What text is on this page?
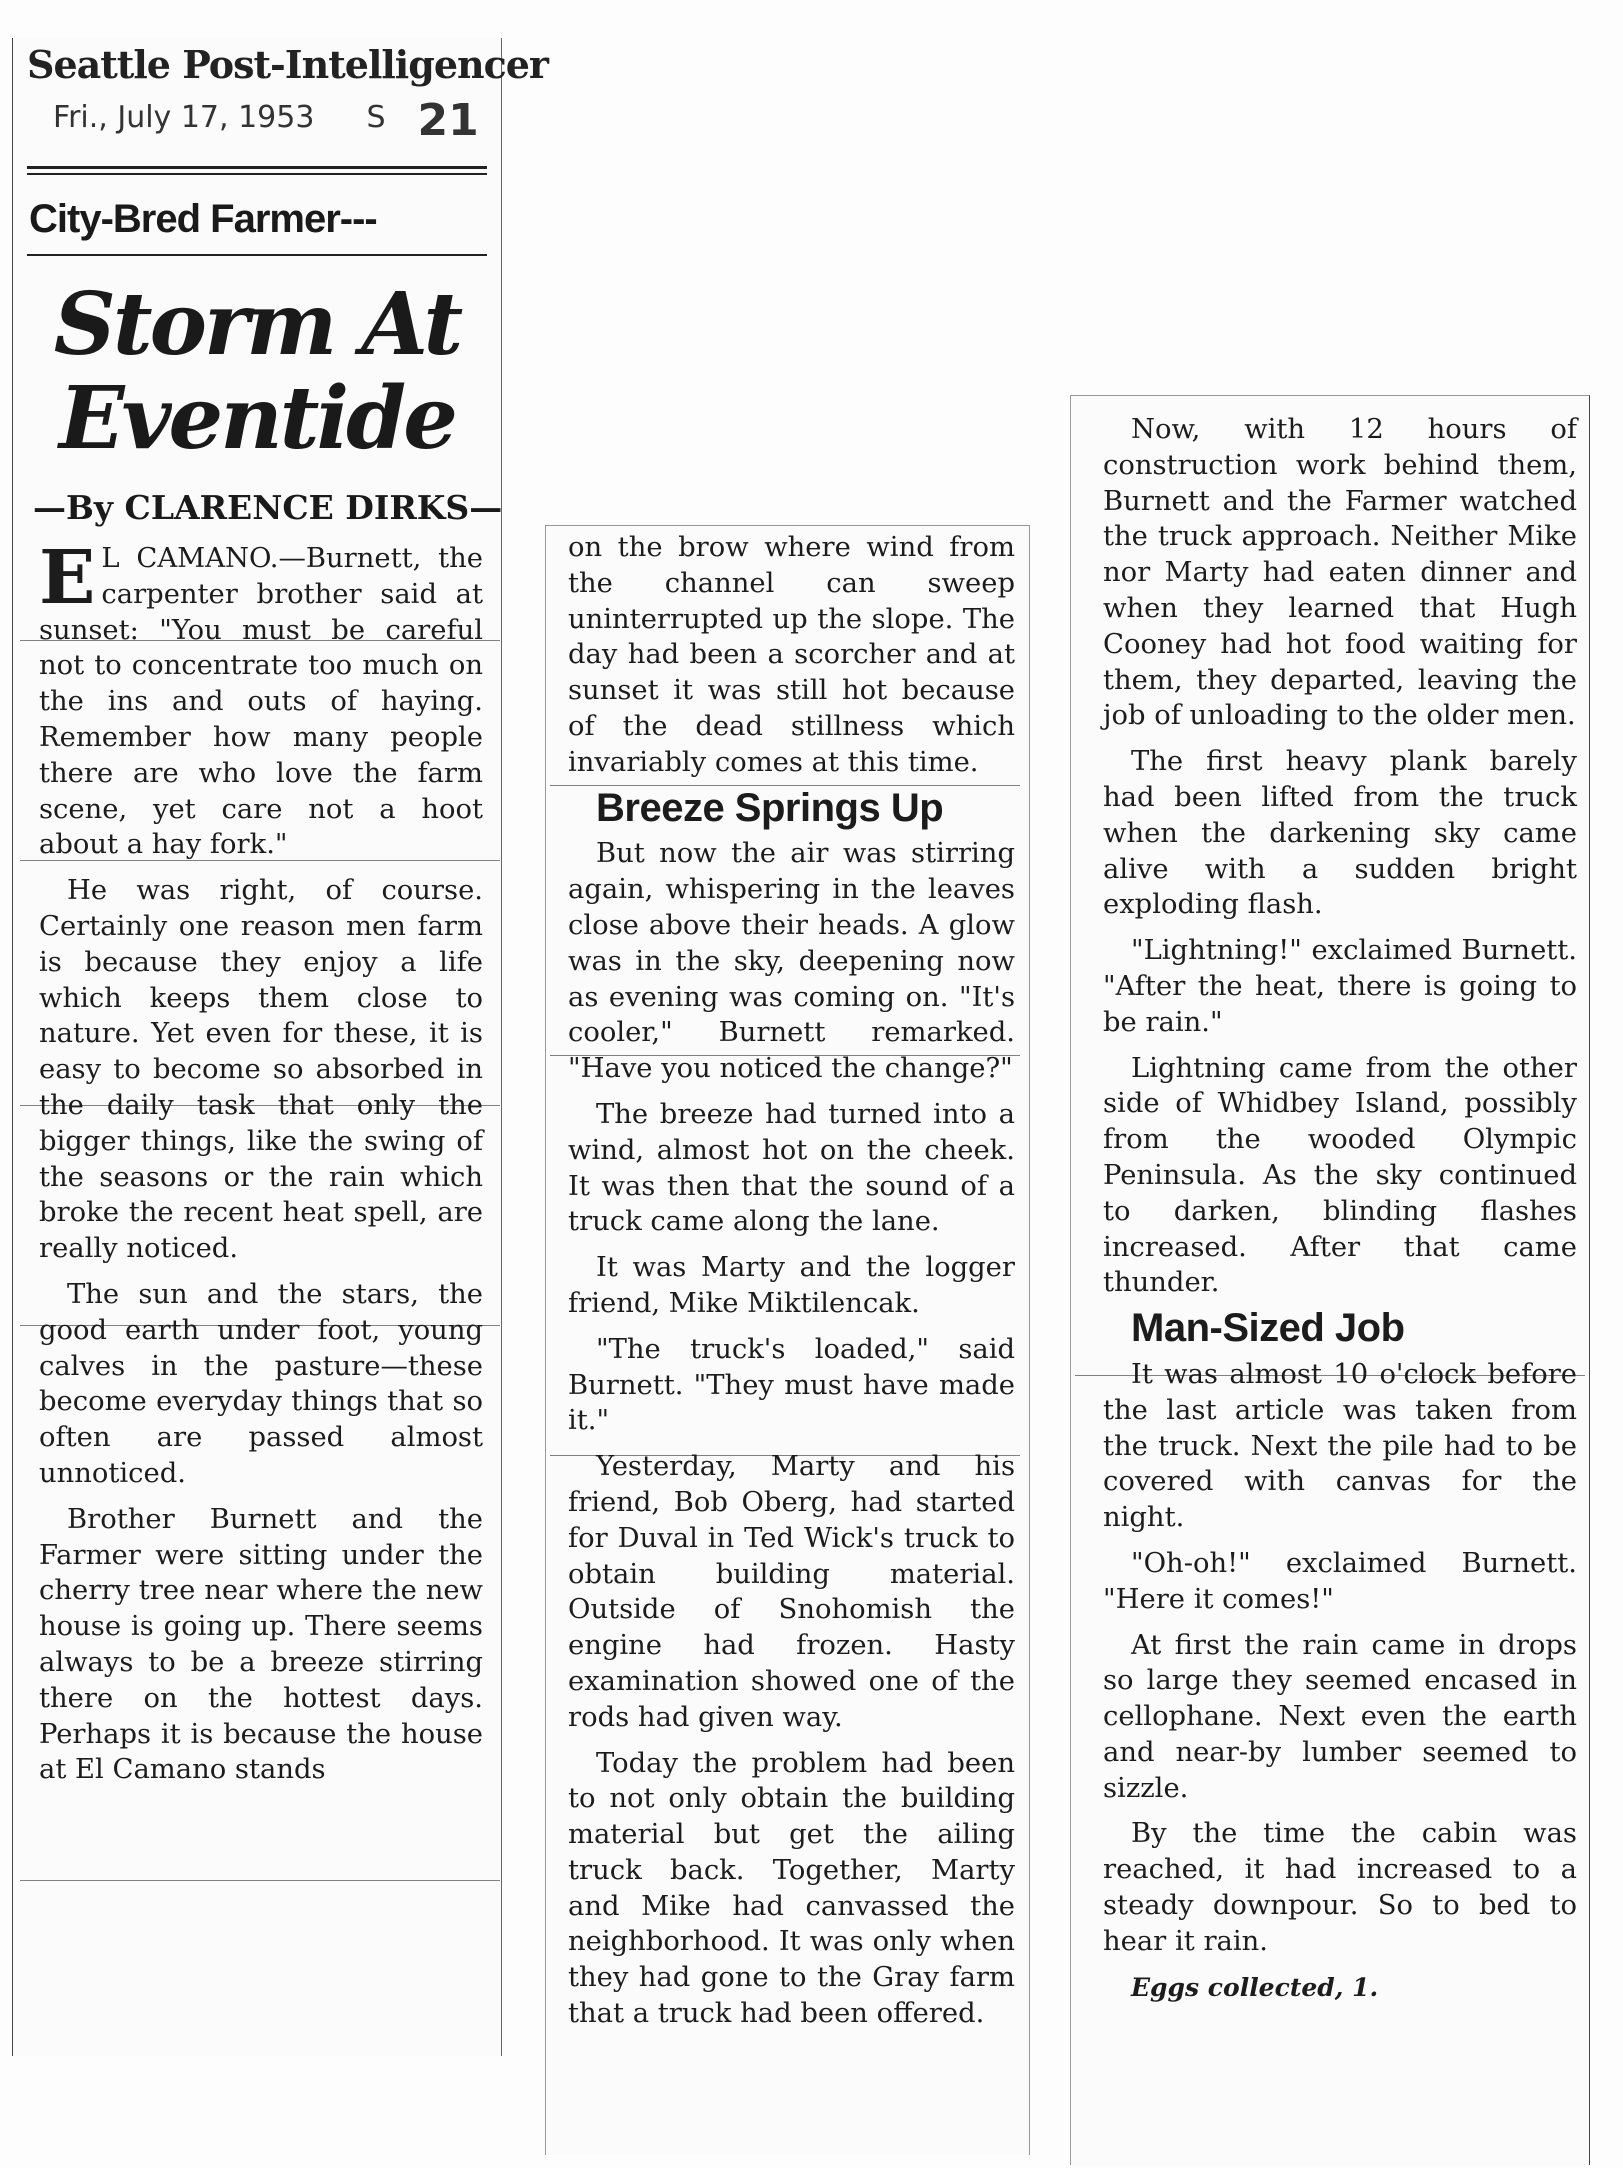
Seattle Post-Intelligencer
Fri., July 17, 1953 S 21
City-Bred Farmer---
Storm At Eventide
—By CLARENCE DIRKS—

E L CAMANO.—Burnett, the carpenter brother said at sunset: "You must be careful not to concentrate too much on the ins and outs of haying. Remember how many people there are who love the farm scene, yet care not a hoot about a hay fork."

He was right, of course. Certainly one reason men farm is because they enjoy a life which keeps them close to nature. Yet even for these, it is easy to become so absorbed in the daily task that only the bigger things, like the swing of the seasons or the rain which broke the recent heat spell, are really noticed.

The sun and the stars, the good earth under foot, young calves in the pasture—these become everyday things that so often are passed almost unnoticed.

Brother Burnett and the Farmer were sitting under the cherry tree near where the new house is going up. There seems always to be a breeze stirring there on the hottest days. Perhaps it is because the house at El Camano stands

on the brow where wind from the channel can sweep uninterrupted up the slope. The day had been a scorcher and at sunset it was still hot because of the dead stillness which invariably comes at this time.

Breeze Springs Up

But now the air was stirring again, whispering in the leaves close above their heads. A glow was in the sky, deepening now as evening was coming on. "It's cooler," Burnett remarked. "Have you noticed the change?"

The breeze had turned into a wind, almost hot on the cheek. It was then that the sound of a truck came along the lane.

It was Marty and the logger friend, Mike Miktilencak.

"The truck's loaded," said Burnett. "They must have made it."

Yesterday, Marty and his friend, Bob Oberg, had started for Duval in Ted Wick's truck to obtain building material. Outside of Snohomish the engine had frozen. Hasty examination showed one of the rods had given way.

Today the problem had been to not only obtain the building material but get the ailing truck back. Together, Marty and Mike had canvassed the neighborhood. It was only when they had gone to the Gray farm that a truck had been offered.

Now, with 12 hours of construction work behind them, Burnett and the Farmer watched the truck approach. Neither Mike nor Marty had eaten dinner and when they learned that Hugh Cooney had hot food waiting for them, they departed, leaving the job of unloading to the older men.

The first heavy plank barely had been lifted from the truck when the darkening sky came alive with a sudden bright exploding flash.

"Lightning!" exclaimed Burnett. "After the heat, there is going to be rain."

Lightning came from the other side of Whidbey Island, possibly from the wooded Olympic Peninsula. As the sky continued to darken, blinding flashes increased. After that came thunder.

Man-Sized Job

It was almost 10 o'clock before the last article was taken from the truck. Next the pile had to be covered with canvas for the night.

"Oh-oh!" exclaimed Burnett. "Here it comes!"

At first the rain came in drops so large they seemed encased in cellophane. Next even the earth and near-by lumber seemed to sizzle.

By the time the cabin was reached, it had increased to a steady downpour. So to bed to hear it rain.

Eggs collected, 1.
